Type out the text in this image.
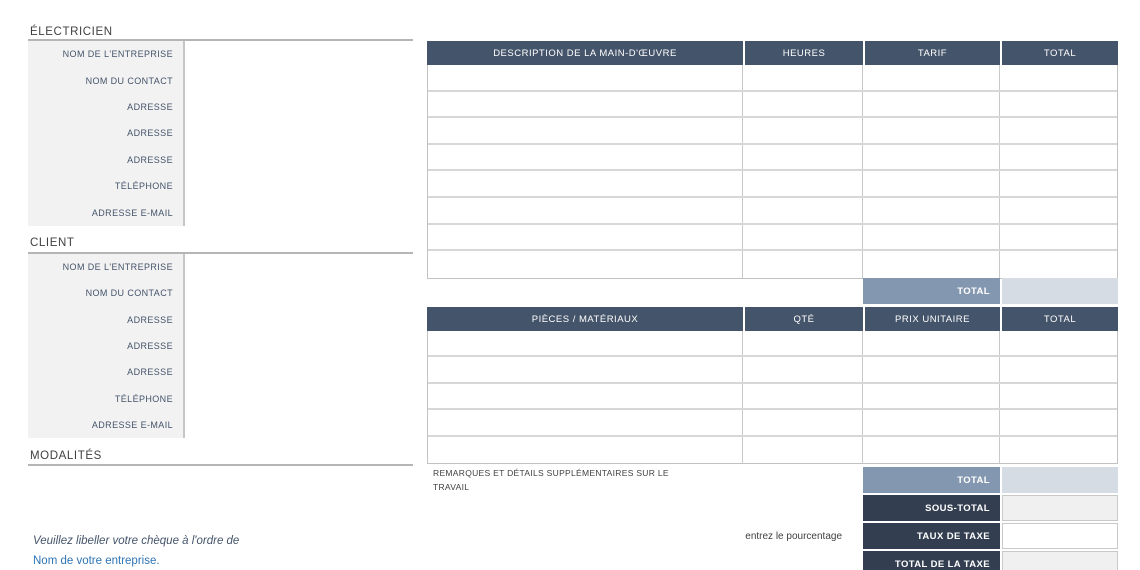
ÉLECTRICIEN
NOM DE L'ENTREPRISE
NOM DU CONTACT
ADRESSE
ADRESSE
ADRESSE
TÉLÉPHONE
ADRESSE E-MAIL
CLIENT
NOM DE L'ENTREPRISE
NOM DU CONTACT
ADRESSE
ADRESSE
ADRESSE
TÉLÉPHONE
ADRESSE E-MAIL
MODALITÉS
Veuillez libeller votre chèque à l'ordre de
Nom de votre entreprise.
DESCRIPTION DE LA MAIN-D'ŒUVRE	HEURES	TARIF	TOTAL
TOTAL
PIÈCES / MATÉRIAUX	QTÉ	PRIX UNITAIRE	TOTAL
REMARQUES ET DÉTAILS SUPPLÉMENTAIRES SUR LE TRAVAIL
entrez le pourcentage
TOTAL
SOUS-TOTAL
TAUX DE TAXE
TOTAL DE LA TAXE
